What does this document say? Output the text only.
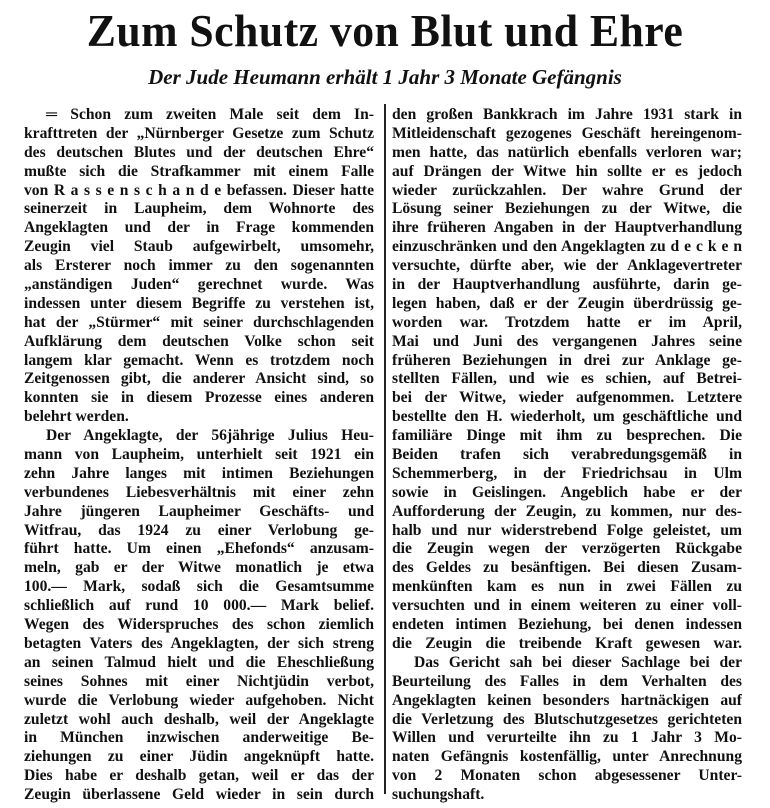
Zum Schutz von Blut und Ehre
Der Jude Heumann erhält 1 Jahr 3 Monate Gefängnis
═ Schon zum zweiten Male seit dem In-
krafttreten der „Nürnberger Gesetze zum Schutz
des deutschen Blutes und der deutschen Ehre“
mußte sich die Strafkammer mit einem Falle
von R a s s e n s c h a n d e befassen. Dieser hatte
seinerzeit in Laupheim, dem Wohnorte des
Angeklagten und der in Frage kommenden
Zeugin viel Staub aufgewirbelt, umsomehr,
als Ersterer noch immer zu den sogenannten
„anständigen Juden“ gerechnet wurde. Was
indessen unter diesem Begriffe zu verstehen ist,
hat der „Stürmer“ mit seiner durchschlagenden
Aufklärung dem deutschen Volke schon seit
langem klar gemacht. Wenn es trotzdem noch
Zeitgenossen gibt, die anderer Ansicht sind, so
konnten sie in diesem Prozesse eines anderen
belehrt werden.
Der Angeklagte, der 56jährige Julius Heu-
mann von Laupheim, unterhielt seit 1921 ein
zehn Jahre langes mit intimen Beziehungen
verbundenes Liebesverhältnis mit einer zehn
Jahre jüngeren Laupheimer Geschäfts- und
Witfrau, das 1924 zu einer Verlobung ge-
führt hatte. Um einen „Ehefonds“ anzusam-
meln, gab er der Witwe monatlich je etwa
100.— Mark, sodaß sich die Gesamtsumme
schließlich auf rund 10 000.— Mark belief.
Wegen des Widerspruches des schon ziemlich
betagten Vaters des Angeklagten, der sich streng
an seinen Talmud hielt und die Eheschließung
seines Sohnes mit einer Nichtjüdin verbot,
wurde die Verlobung wieder aufgehoben. Nicht
zuletzt wohl auch deshalb, weil der Angeklagte
in München inzwischen anderweitige Be-
ziehungen zu einer Jüdin angeknüpft hatte.
Dies habe er deshalb getan, weil er das der
Zeugin überlassene Geld wieder in sein durch
den großen Bankkrach im Jahre 1931 stark in
Mitleidenschaft gezogenes Geschäft hereingenom-
men hatte, das natürlich ebenfalls verloren war;
auf Drängen der Witwe hin sollte er es jedoch
wieder zurückzahlen. Der wahre Grund der
Lösung seiner Beziehungen zu der Witwe, die
ihre früheren Angaben in der Hauptverhandlung
einzuschränken und den Angeklagten zu d e c k e n
versuchte, dürfte aber, wie der Anklagevertreter
in der Hauptverhandlung ausführte, darin ge-
legen haben, daß er der Zeugin überdrüssig ge-
worden war. Trotzdem hatte er im April,
Mai und Juni des vergangenen Jahres seine
früheren Beziehungen in drei zur Anklage ge-
stellten Fällen, und wie es schien, auf Betrei-
bei der Witwe, wieder aufgenommen. Letztere
bestellte den H. wiederholt, um geschäftliche und
familiäre Dinge mit ihm zu besprechen. Die
Beiden trafen sich verabredungsgemäß in
Schemmerberg, in der Friedrichsau in Ulm
sowie in Geislingen. Angeblich habe er der
Aufforderung der Zeugin, zu kommen, nur des-
halb und nur widerstrebend Folge geleistet, um
die Zeugin wegen der verzögerten Rückgabe
des Geldes zu besänftigen. Bei diesen Zusam-
menkünften kam es nun in zwei Fällen zu
versuchten und in einem weiteren zu einer voll-
endeten intimen Beziehung, bei denen indessen
die Zeugin die treibende Kraft gewesen war.
Das Gericht sah bei dieser Sachlage bei der
Beurteilung des Falles in dem Verhalten des
Angeklagten keinen besonders hartnäckigen auf
die Verletzung des Blutschutzgesetzes gerichteten
Willen und verurteilte ihn zu 1 Jahr 3 Mo-
naten Gefängnis kostenfällig, unter Anrechnung
von 2 Monaten schon abgesessener Unter-
suchungshaft.
